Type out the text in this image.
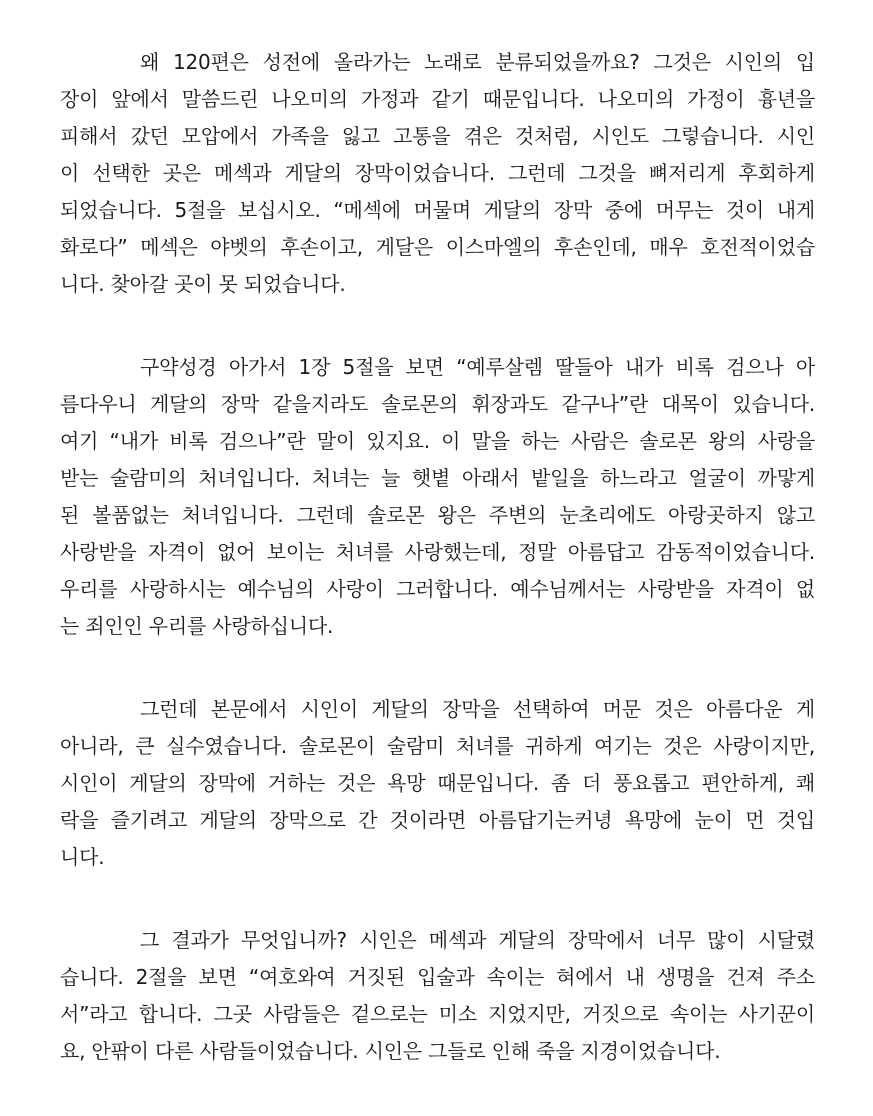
왜 120편은 성전에 올라가는 노래로 분류되었을까요? 그것은 시인의 입
장이 앞에서 말씀드린 나오미의 가정과 같기 때문입니다. 나오미의 가정이 흉년을
피해서 갔던 모압에서 가족을 잃고 고통을 겪은 것처럼, 시인도 그렇습니다. 시인
이 선택한 곳은 메섹과 게달의 장막이었습니다. 그런데 그것을 뼈저리게 후회하게
되었습니다. 5절을 보십시오. “메섹에 머물며 게달의 장막 중에 머무는 것이 내게
화로다” 메섹은 야벳의 후손이고, 게달은 이스마엘의 후손인데, 매우 호전적이었습
니다. 찾아갈 곳이 못 되었습니다.
구약성경 아가서 1장 5절을 보면 “예루살렘 딸들아 내가 비록 검으나 아
름다우니 게달의 장막 같을지라도 솔로몬의 휘장과도 같구나”란 대목이 있습니다.
여기 “내가 비록 검으나”란 말이 있지요. 이 말을 하는 사람은 솔로몬 왕의 사랑을
받는 술람미의 처녀입니다. 처녀는 늘 햇볕 아래서 밭일을 하느라고 얼굴이 까맣게
된 볼품없는 처녀입니다. 그런데 솔로몬 왕은 주변의 눈초리에도 아랑곳하지 않고
사랑받을 자격이 없어 보이는 처녀를 사랑했는데, 정말 아름답고 감동적이었습니다.
우리를 사랑하시는 예수님의 사랑이 그러합니다. 예수님께서는 사랑받을 자격이 없
는 죄인인 우리를 사랑하십니다.
그런데 본문에서 시인이 게달의 장막을 선택하여 머문 것은 아름다운 게
아니라, 큰 실수였습니다. 솔로몬이 술람미 처녀를 귀하게 여기는 것은 사랑이지만,
시인이 게달의 장막에 거하는 것은 욕망 때문입니다. 좀 더 풍요롭고 편안하게, 쾌
락을 즐기려고 게달의 장막으로 간 것이라면 아름답기는커녕 욕망에 눈이 먼 것입
니다.
그 결과가 무엇입니까? 시인은 메섹과 게달의 장막에서 너무 많이 시달렸
습니다. 2절을 보면 “여호와여 거짓된 입술과 속이는 혀에서 내 생명을 건져 주소
서”라고 합니다. 그곳 사람들은 겉으로는 미소 지었지만, 거짓으로 속이는 사기꾼이
요, 안팎이 다른 사람들이었습니다. 시인은 그들로 인해 죽을 지경이었습니다.
